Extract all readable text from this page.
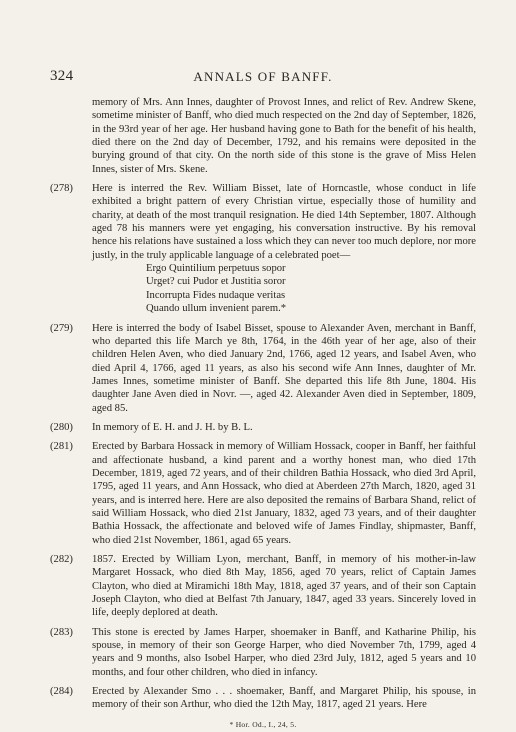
324	ANNALS OF BANFF.
memory of Mrs. Ann Innes, daughter of Provost Innes, and relict of Rev. Andrew Skene, sometime minister of Banff, who died much respected on the 2nd day of September, 1826, in the 93rd year of her age. Her husband having gone to Bath for the benefit of his health, died there on the 2nd day of December, 1792, and his remains were deposited in the burying ground of that city. On the north side of this stone is the grave of Miss Helen Innes, sister of Mrs. Skene.
(278) Here is interred the Rev. William Bisset, late of Horncastle, whose conduct in life exhibited a bright pattern of every Christian virtue, especially those of humility and charity, at death of the most tranquil resignation. He died 14th September, 1807. Although aged 78 his manners were yet engaging, his conversation instructive. By his removal hence his relations have sustained a loss which they can never too much deplore, nor more justly, in the truly applicable language of a celebrated poet—
Ergo Quintilium perpetuus sopor
Urget? cui Pudor et Justitia soror
Incorrupta Fides nudaque veritas
Quando ullum invenient parem.*
(279) Here is interred the body of Isabel Bisset, spouse to Alexander Aven, merchant in Banff, who departed this life March ye 8th, 1764, in the 46th year of her age, also of their children Helen Aven, who died January 2nd, 1766, aged 12 years, and Isabel Aven, who died April 4, 1766, aged 11 years, as also his second wife Ann Innes, daughter of Mr. James Innes, sometime minister of Banff. She departed this life 8th June, 1804. His daughter Jane Aven died in Novr. —, aged 42. Alexander Aven died in September, 1809, aged 85.
(280) In memory of E. H. and J. H. by B. L.
(281) Erected by Barbara Hossack in memory of William Hossack, cooper in Banff, her faithful and affectionate husband, a kind parent and a worthy honest man, who died 17th December, 1819, aged 72 years, and of their children Bathia Hossack, who died 3rd April, 1795, aged 11 years, and Ann Hossack, who died at Aberdeen 27th March, 1820, aged 31 years, and is interred here. Here are also deposited the remains of Barbara Shand, relict of said William Hossack, who died 21st January, 1832, aged 73 years, and of their daughter Bathia Hossack, the affectionate and beloved wife of James Findlay, shipmaster, Banff, who died 21st November, 1861, agad 65 years.
(282) 1857. Erected by William Lyon, merchant, Banff, in memory of his mother-in-law Margaret Hossack, who died 8th May, 1856, aged 70 years, relict of Captain James Clayton, who died at Miramichi 18th May, 1818, aged 37 years, and of their son Captain Joseph Clayton, who died at Belfast 7th January, 1847, aged 33 years. Sincerely loved in life, deeply deplored at death.
(283) This stone is erected by James Harper, shoemaker in Banff, and Katharine Philip, his spouse, in memory of their son George Harper, who died November 7th, 1799, aged 4 years and 9 months, also Isobel Harper, who died 23rd July, 1812, aged 5 years and 10 months, and four other children, who died in infancy.
(284) Erected by Alexander Smo . . . shoemaker, Banff, and Margaret Philip, his spouse, in memory of their son Arthur, who died the 12th May, 1817, aged 21 years. Here
* Hor. Od., I., 24, 5.
